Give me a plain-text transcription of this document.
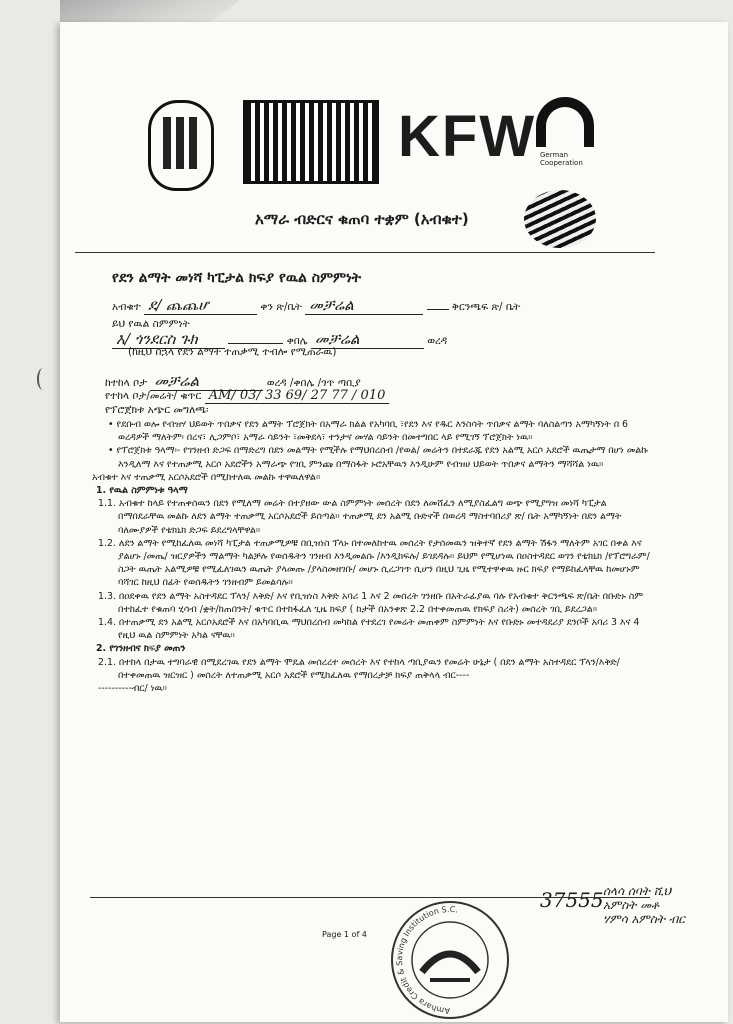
KFW German Cooperation
አማራ ብድርና ቁጠባ ተቋም (አብቁተ)
የደን ልማት መነሻ ካፒታል ክፍያ የዉል ስምምነት
አብቁተ ደ/ ጨጨሆ	ቀን ጽ/ቤት መቻሬል	ቅርንጫፍ ጽ/ ቤት
ይህ የዉል ስምምነት
እ/ ጎንደርስ ጉክ	ቀበሌ መቻሬል	ወረዳ
(ከዚህ በኋላ የደን ልማት ተጠቃሚ ተብሎ የሚጠራዉ)
ከተከላ ቦታ መቻሬል	ወረዳ /ቀበሌ /ጎጥ ጣቢያ
የተከላ ቦታ/መሬት/ ቁጥር AM/ 03/ 33 69/ 27 77 / 010
የፕሮጀክቱ አጭር መግለጫ፡

• የደቡብ ወሎ የብዝሃ ህይወት ጥበቃና የደን ልማት ፕሮጀክት በአማራ ክልል የአካባቢ ፣የደን እና የዱር እንስሳት ጥበቃና ልማት ባለስልጣን አማካኝነት በ 6 ወረዳዎች ማለትም፡ በረና፣ ሊጋምቦ፣ አማራ ሳይንት ፣መቅደላ፣ ተንታና መሃል ሳይንት በመተግበር ላይ የሚገኝ ፕሮጀክት ነዉ።

• የፕሮጀክቱ ዓላማ፡- የገንዘብ ድጋፍ በማድረግ በደን መልማት የሚችሉ የማህበረሰብ /የወል/ መሬትን በተደራጁ የደን አልሚ አርሶ አደሮች ዉጤታማ በሆነ መልኩ እንዲለማ እና የተጠቃሚ አርሶ አደሮችን አማራጭ የገቢ ምንጩ በማስፋት ኑሮአቸዉን እንዲሁም የብዝሀ ህይወት ጥበቃና ልማትን ማሻሻል ነዉ።

አብቁተ እና ተጠቃሚ አርሶአደሮች በሚከተለዉ መልኩ ተዋዉለዋል።

1. የዉል ስምምነቱ ዓላማ

1.1. አብቁተ ከላይ የተጠቀሰዉን በደን የሚለማ መሬት በተያዘው ውል ስምምነት መሰረት በደን ለመሸፈን ለሚያስፈልግ ወጭ የሚያግዝ መነሻ ካፒታል በማበደራቸዉ መልኩ ለደን ልማት ተጠቃሚ አርሶአደሮች ይሰጣል። ተጠቃሚ ደን አልሚ ቡድኖች በወረዳ ማስተባበሪያ ጽ/ ቤት አማካኝነት በደን ልማት ባለሙያዎች የቴክኒክ ድጋፍ ይደረግላቸዋል።

1.2. ለደን ልማት የሚከፈለዉ መነሻ ካፒታል ተጠቃሚዎቹ በቢዝነስ ፕላኑ በተመለከተዉ መሰረት የታሰመዉን ዝቅተኛ የደን ልማት ሽፋን ማለትም አገር በቀል እና ያልሆኑ /መጤ/ ዝርያዎችን ማልማት ካልቻሉ የወሰዱትን ገንዘብ እንዲመልሱ /እንዲከፍሉ/ ይገደዳሉ። ይህም የሚሆነዉ በዐስተዳደር ወገን የቴክኒክ /የፕሮግራም/ ስጋት ዉጤት አልሚዎቹ የሚፈለገዉን ዉጤት ያላመጡ /ያላስመዘገቡ/ መሆኑ ሲረጋገጥ ሲሆን በዚህ ጊዜ የሚተዋቀዉ ዙር ክፍያ የማይከፈላቸዉ ከመሆኑም ባሻገር ከዚህ በፊት የወሰዱትን ገንዘብም ይመልሳሉ።

1.3. በዐደቀዉ የደን ልማት አስተዳደር ፕላን/ እቅድ/ እና የቢዝነስ እቅድ አባሪ 1 እና 2 መሰረት ገንዘቡ በአትራፊያዉ ባሉ የአብቁተ ቅርንጫፍ ጽ/ቤት በቡድኑ ስም በተከፈተ የቁጠባ ሂሳብ /ቋት/ከጠበንት/ ቁጥር በተከፋፈለ ጊዜ ክፍያ ( ከታች በአንቀጽ 2.2 በተቀመጠዉ የክፍያ ስሪት) መሰረት ገቢ ይደረጋል።

1.4. በተጠቃሚ ደን አልሚ አርሶአደሮች እና በአካባቢዉ ማህበረሰብ መካከል የተደረገ የመሬት መጠቀም ስምምነት እና የቡድኑ መተዳደሪያ ደንቦች አባሪ 3 እና 4 የዚህ ዉል ስምምነት አካል ናቸዉ።

2. የገንዘብና ክፍያ መጠን

2.1. በተከላ በታዉ ተግባራዊ በሚደረገዉ የደን ልማት ሞዴል መሰረረተ መሰረት እና የተከላ ጣቢያዉን የመሬት ሁኔታ ( በደን ልማት አስተዳደር ፕላን/እቅድ/ በተቀመጠዉ ዝርዝር ) መሰረት ለተጠቃሚ አርሶ አደሮች የሚከፈለዉ የማበረታቻ ክፍያ ጠቅላላ ብር----

----------ብር/ ነዉ።

37555 ሰላሳ ሰባት ሺህ
አምስት መቶ
ሃምሳ አምስት ብር
Page 1 of 4
Amhara Credit & Saving Institution S.C.
